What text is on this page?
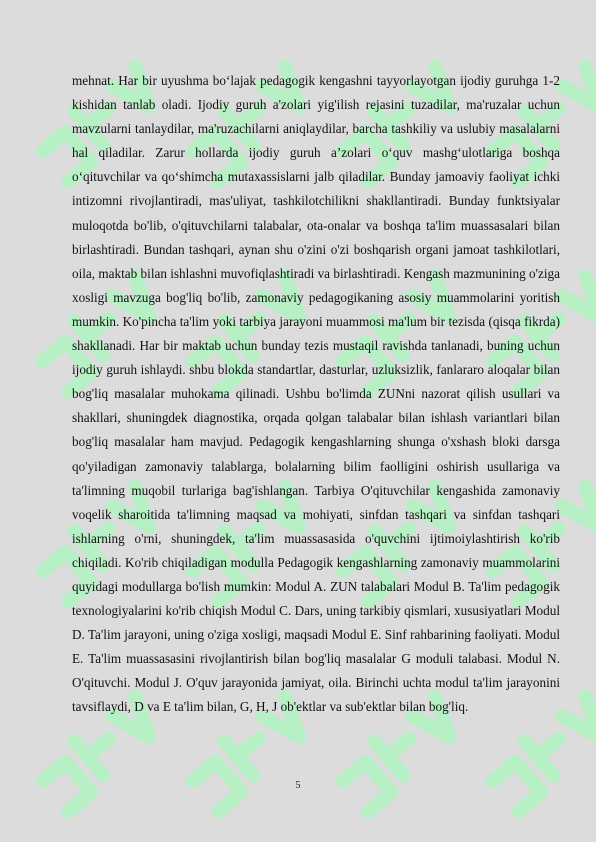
mehnat. Har bir uyushma bo‘lajak pedagogik kengashni tayyorlayotgan ijodiy guruhga 1-2 kishidan tanlab oladi. Ijodiy guruh a'zolari yig'ilish rejasini tuzadilar, ma'ruzalar uchun mavzularni tanlaydilar, ma'ruzachilarni aniqlaydilar, barcha tashkiliy va uslubiy masalalarni hal qiladilar. Zarur hollarda ijodiy guruh a’zolari o‘quv mashg‘ulotlariga boshqa o‘qituvchilar va qo‘shimcha mutaxassislarni jalb qiladilar. Bunday jamoaviy faoliyat ichki intizomni rivojlantiradi, mas'uliyat, tashkilotchilikni shakllantiradi. Bunday funktsiyalar muloqotda bo'lib, o'qituvchilarni talabalar, ota-onalar va boshqa ta'lim muassasalari bilan birlashtiradi. Bundan tashqari, aynan shu o'zini o'zi boshqarish organi jamoat tashkilotlari, oila, maktab bilan ishlashni muvofiqlashtiradi va birlashtiradi. Kengash mazmunining o'ziga xosligi mavzuga bog'liq bo'lib, zamonaviy pedagogikaning asosiy muammolarini yoritish mumkin. Ko'pincha ta'lim yoki tarbiya jarayoni muammosi ma'lum bir tezisda (qisqa fikrda) shakllanadi. Har bir maktab uchun bunday tezis mustaqil ravishda tanlanadi, buning uchun ijodiy guruh ishlaydi. shbu blokda standartlar, dasturlar, uzluksizlik, fanlararo aloqalar bilan bog'liq masalalar muhokama qilinadi. Ushbu bo'limda ZUNni nazorat qilish usullari va shakllari, shuningdek diagnostika, orqada qolgan talabalar bilan ishlash variantlari bilan bog'liq masalalar ham mavjud. Pedagogik kengashlarning shunga o'xshash bloki darsga qo'yiladigan zamonaviy talablarga, bolalarning bilim faolligini oshirish usullariga va ta'limning muqobil turlariga bag'ishlangan. Tarbiya O'qituvchilar kengashida zamonaviy voqelik sharoitida ta'limning maqsad va mohiyati, sinfdan tashqari va sinfdan tashqari ishlarning o'rni, shuningdek, ta'lim muassasasida o'quvchini ijtimoiylashtirish ko'rib chiqiladi. Ko'rib chiqiladigan modulla Pedagogik kengashlarning zamonaviy muammolarini quyidagi modullarga bo'lish mumkin: Modul A. ZUN talabalari Modul B. Ta'lim pedagogik texnologiyalarini ko'rib chiqish Modul C. Dars, uning tarkibiy qismlari, xususiyatlari Modul D. Ta'lim jarayoni, uning o'ziga xosligi, maqsadi Modul E. Sinf rahbarining faoliyati. Modul E. Ta'lim muassasasini rivojlantirish bilan bog'liq masalalar G moduli talabasi. Modul N. O'qituvchi. Modul J. O'quv jarayonida jamiyat, oila. Birinchi uchta modul ta'lim jarayonini tavsiflaydi, D va E ta'lim bilan, G, H, J ob'ektlar va sub'ektlar bilan bog'liq.

5
